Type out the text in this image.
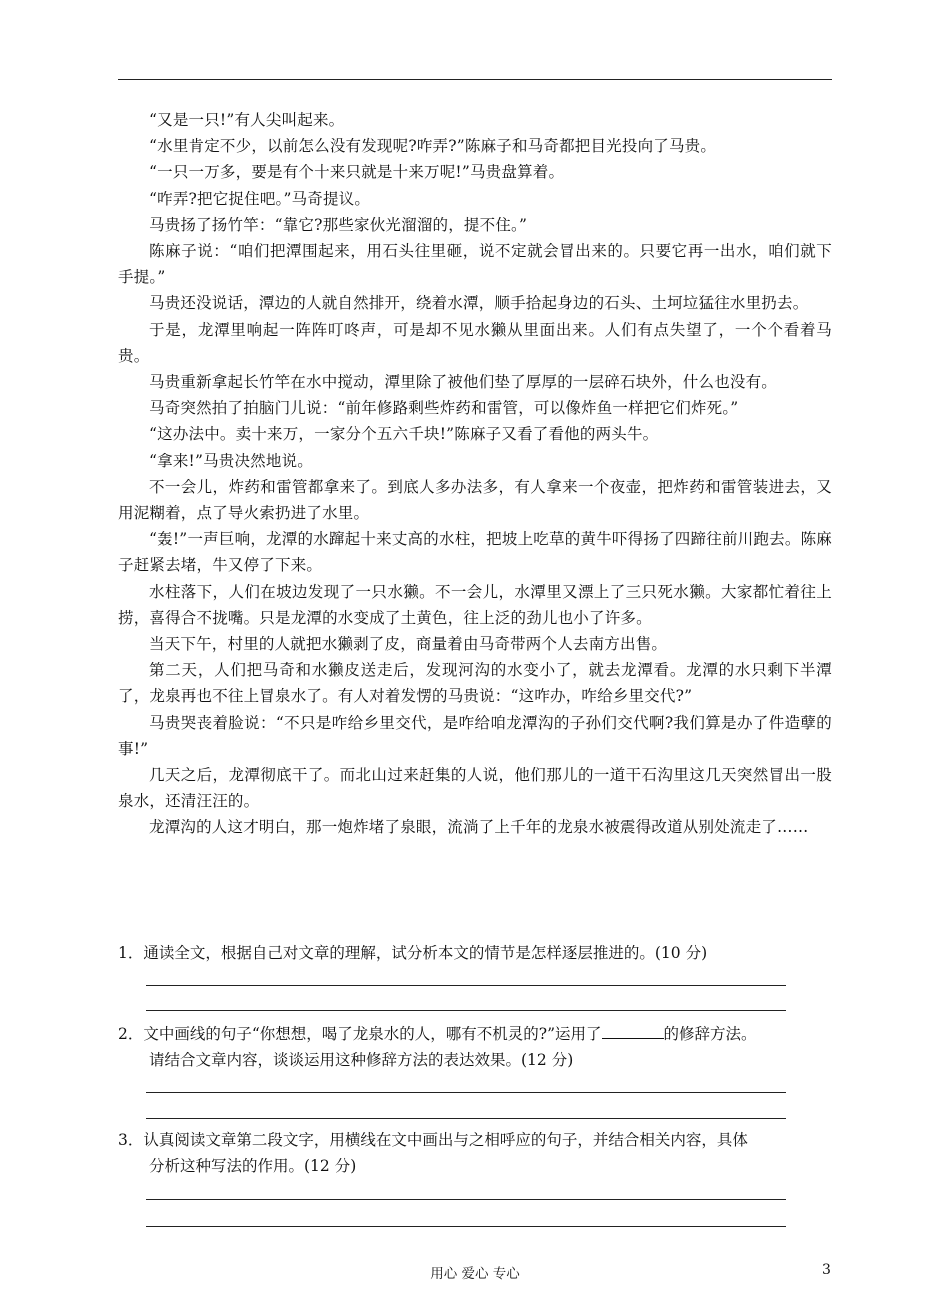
“又是一只!”有人尖叫起来。

“水里肯定不少，以前怎么没有发现呢?咋弄?”陈麻子和马奇都把目光投向了马贵。

“一只一万多，要是有个十来只就是十来万呢!”马贵盘算着。

“咋弄?把它捉住吧。”马奇提议。

马贵扬了扬竹竿：“靠它?那些家伙光溜溜的，提不住。”

陈麻子说：“咱们把潭围起来，用石头往里砸，说不定就会冒出来的。只要它再一出水，咱们就下手提。”

马贵还没说话，潭边的人就自然排开，绕着水潭，顺手拾起身边的石头、土坷垃猛往水里扔去。

于是，龙潭里响起一阵阵叮咚声，可是却不见水獭从里面出来。人们有点失望了，一个个看着马贵。

马贵重新拿起长竹竿在水中搅动，潭里除了被他们垫了厚厚的一层碎石块外，什么也没有。

马奇突然拍了拍脑门儿说：“前年修路剩些炸药和雷管，可以像炸鱼一样把它们炸死。”

“这办法中。卖十来万，一家分个五六千块!”陈麻子又看了看他的两头牛。

“拿来!”马贵决然地说。

不一会儿，炸药和雷管都拿来了。到底人多办法多，有人拿来一个夜壶，把炸药和雷管装进去，又用泥糊着，点了导火索扔进了水里。

“轰!”一声巨响，龙潭的水蹿起十来丈高的水柱，把坡上吃草的黄牛吓得扬了四蹄往前川跑去。陈麻子赶紧去堵，牛又停了下来。

水柱落下，人们在坡边发现了一只水獭。不一会儿，水潭里又漂上了三只死水獭。大家都忙着往上捞，喜得合不拢嘴。只是龙潭的水变成了土黄色，往上泛的劲儿也小了许多。

当天下午，村里的人就把水獭剥了皮，商量着由马奇带两个人去南方出售。

第二天，人们把马奇和水獭皮送走后，发现河沟的水变小了，就去龙潭看。龙潭的水只剩下半潭了，龙泉再也不往上冒泉水了。有人对着发愣的马贵说：“这咋办，咋给乡里交代?”

马贵哭丧着脸说：“不只是咋给乡里交代，是咋给咱龙潭沟的子孙们交代啊?我们算是办了件造孽的事!”

几天之后，龙潭彻底干了。而北山过来赶集的人说，他们那儿的一道干石沟里这几天突然冒出一股泉水，还清汪汪的。

龙潭沟的人这才明白，那一炮炸堵了泉眼，流淌了上千年的龙泉水被震得改道从别处流走了……

1．通读全文，根据自己对文章的理解，试分析本文的情节是怎样逐层推进的。(10 分)

2．文中画线的句子“你想想，喝了龙泉水的人，哪有不机灵的?”运用了	的修辞方法。

请结合文章内容，谈谈运用这种修辞方法的表达效果。(12 分)

3．认真阅读文章第二段文字，用横线在文中画出与之相呼应的句子，并结合相关内容，具体

分析这种写法的作用。(12 分)

用心 爱心 专心	3
